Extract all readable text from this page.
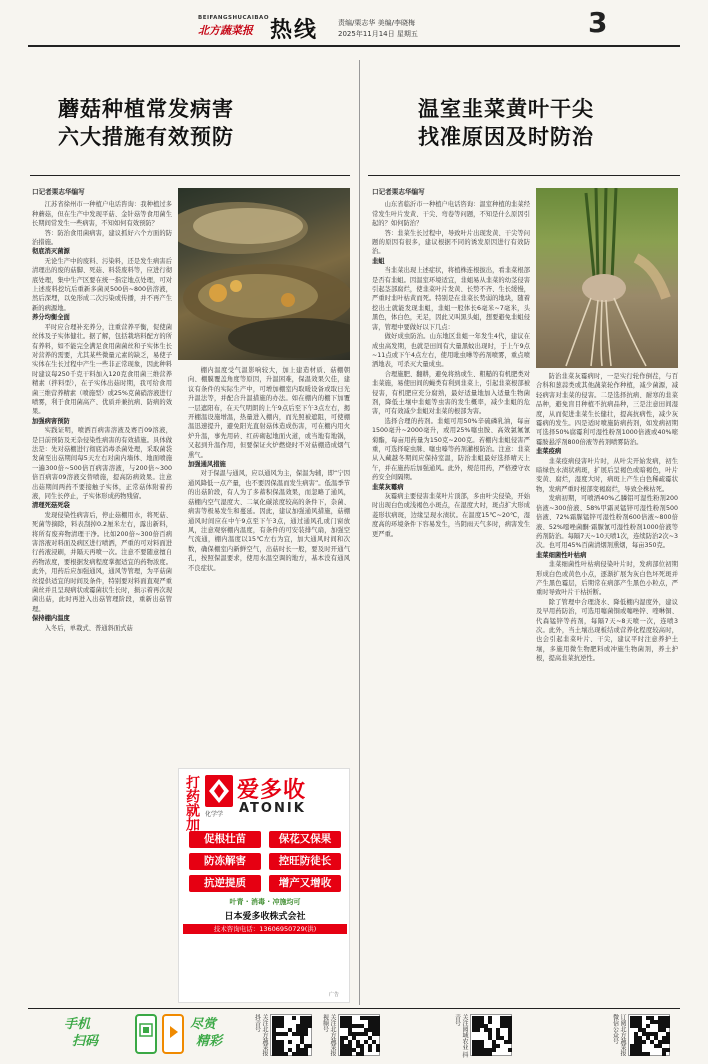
BEIFANGSHUCAIBAO
北方蔬菜报 热线	责编/栗志华 美编/李晓梅
2025年11月14日 星期五	3
蘑菇种植常发病害
六大措施有效预防
温室韭菜黄叶干尖
找准原因及时防治
口记者栗志华编写

江苏省徐州市一种植户电话咨询：我种植过多种蘑菇，但在生产中发现平菇、金针菇等食用菌生长期间常发生一些病害，不知如何有效预防？

答：防治食用菌病害，建议抓好六个方面的防治措施。

彻底消灭菌源

无论生产中的废料、污染料，还是发生病害后清理出的废的菇脚、死菇、料袋废料等，应进行彻底处理，集中生产区要在统一指定地点处理，可对上述废料挖坑后重新多菌灵500倍~800倍溶液，然后深埋，以免形成二次污染或传播，并不再产生新的病源地。

养分均衡全面

平时应合理补充养分，注重营养平衡，促使菌丝体及子实体健壮。据了解，包括栽培料配方的所有养料，如不能完全满足食用菌菌丝和子实体生长对营养的需要，尤其某些微量元素的缺乏，易使子实体在生长过程中产生一些非正常现象，因此种料时建议每250千克干料加入120克食用菌三维营养精素（拌料型），在子实体出菇时期，我可给食用菌三维营养精素（喷施型）或25%克菌硝溶液进行喷雾，利于食用菌高产、优质并兼抗病、防病的效果。

加强病害预防

实践证明，喷洒百病害溶液及赛百09溶液，是目前预防及无杂侵染性病害的有效措施。具体做法是：先对菇棚进行彻底消毒杀菌处理，采取菌袋发菌至出菇期间每5天左右对菌内墙体、地面喷施一遍300倍~500倍百病害溶液，与200倍~300倍百病害09溶液交替喷施，提高防病效果。注意出菇期间两药不要接触子实体，正常菇体附着药液，同生长停止，子实体形成药物残留。

清理死菇死袋

发现侵染性病害后，停止菇棚用水，将死菇、死菌等摘除，料表刮掉0.2厘米左右，露出新料，将所有废弃物清理干净。比如200倍~300倍百病害溶液对料面及病区进行喷洒，严重的可对料面进行药液浸刷，并隔天再喷一次。注意不要随意擅自药物浓度，要根据发病程度掌握适宜的药物浓度。此外，用药后应加强通风，通风等管理，为平菇菌丝提供适宜的时间及条件，特别要对料面直观严重菌丝并且呈现病状或霉菌状生长时，损示着再次现菌出菇，此时再进入出菇管理阶段，重新出菇管理。

保持棚内温度

入冬后，单栽式、普通斜面式菇

棚内温度受气温影响较大，加上建造材质、菇棚朝向、棚膜覆盖角度等原因，升温困难，保温效果欠佳，建议有条件的实际生产中，可增加棚室内取暖设备或取日光升温法等，并配合升温措施的办法。如在棚内的棚下加覆一层遮阳布，在天气明朗的上午9点后至下午3点左右，揭开棚温设施增温，热量进入棚内，而光照被遮阻，可使棚温迅速提升，避免阳光直射菇体造成伤害，可在棚内用火炉升温，事先用砖、红砖砌起地面火道，或当地有地锅，又起到升温作用，但要保证火炉燃烧时不对菇棚造成烟气熏气。

加强通风措施

对于保温与通风，应以通风为主，保温为辅，即“宁因通风降低一点产量，也不要因保温而发生病害”。低温季节的出菇阶段，有人为了多蓄积保温效果，而忽略了通风，菇棚内空气湿度大、二氧化碳浓度较高的条件下，杂菌、病害等极易发生和蔓延。因此，建议加强通风措施，菇棚通风时间应在中午9点至下午3点，通过通风孔或门窗放风，注意观察棚内温度，有条件的可安装排气扇，加强空气流通，棚内温度以15℃左右为宜，加大通风时间和次数，确保棚室内新鲜空气，出菇时长一般，要及时开通气孔，按照保温要求，使用水温空调的地方，基本没有通风不良症状。

打药就加 化学学
爱多收
ATONIK
促根壮苗	保花又保果
防冻解害	控旺防徒长
抗逆提质	增产又增收
叶青 · 消毒 · 冲施均可
日本爱多收株式会社
技术咨询电话：13606950729(洪)
广告
口记者栗志华编写

山东省临沂市一种植户电话咨询：温室种植的韭菜经常发生叶片发黄、干尖、弯卷等问题，不知是什么原因引起的？如何防治？

答：韭菜生长过程中，导致叶片出现发黄、干尖等问题的原因有很多，建议根据不同的诱发原因进行有效防治。

韭蛆

当韭菜出现上述症状，将植株连根拔出，看韭菜根部是否有韭蛆。因温室环境适宜，韭蛆易从韭菜的幼茎侵害引起茎部腐烂，使韭菜叶片发黄、长势不齐、生长缓慢，严重时韭叶枯黄而死。特别是在韭菜长势弱的地块，随着挖出土就能发现韭蛆，韭蛆一般体长6毫米~7毫米，头黑色，体白色，无足，因此又叫黑头蛆，想要避免韭蛆侵害，管理中要做好以下几点：

做好成虫防治。山东地区韭蛆一年发生4代，建议在成虫高发期，也就是田间有大量黑蚊出现时，于上午9点~11点或下午4点左右，使用吡虫啉等药剂喷雾，重点喷洒地表，可杀灭大量成虫。

合理施肥、翻耕，避免将熟或生、粗糙的有机肥类对韭菜施，易使田间的蝇类有利到韭菜上，引起韭菜根部被侵害，有机肥应充分腐熟，最好适量地加入适量生物菌剂，降低土壤中韭蛆等虫害的发生概率，减少韭蛆的危害，可有效减少韭蛆对韭菜的根部为害。

选择合理的药剂。韭蛆可用50%辛硫磷乳油，每亩1500毫升~2000毫升，或用25%噻虫胺、高效氯氟氰菊酯，每亩用药量为150克~200克。若棚内韭蛆侵害严重，可选择啶虫脒、噻虫嗪等药剂灌根防治。注意：韭菜从入藏越冬期间应保持室温，防治韭蛆最好选择晴天上午，并在施药后加强通风。此外，规范用药，严格遵守农药安全间隔期。

韭菜灰霉病

灰霉病主要侵害韭菜叶片顶部，多由叶尖侵染，开始时出现白色或浅褐色小斑点，在湿度大时，斑点扩大形成菱形状病斑，边缘呈现水渍状。在温度15℃~20℃，湿度高的环境条件下容易发生，当阴雨天气多时，病害发生更严重。

防治韭菜灰霉病时，一是实行轮作倒茬，与百合科和葱蒜类或其他蔬菜轮作种植，减少菌源，减轻病害对韭菜的侵害。二是选择抗病、耐寒的韭菜品种，避免盲目种植不抗病品种，三是注意田间湿度，从而促进韭菜生长健壮，提高抗病性，减少灰霉病的发生。四是适时喷施防病药剂，如发病初期可选择50%腐霉利可湿性粉剂1000倍液或40%嘧霉胺悬浮剂800倍液等药剂喷雾防治。

韭菜疫病

韭菜疫病侵害叶片时，从叶尖开始发病，初生暗绿色水渍状病斑，扩展后呈褐色或暗褐色，叶片变黄、腐烂，湿度大时，病斑上产生白色稀疏霉状物，发病严重时根部变褐腐烂，导致全株枯死。

发病初期，可喷洒40%乙膦铝可湿性粉剂200倍液~300倍液、58%甲霜灵锰锌可湿性粉剂500倍液、72%霜脲锰锌可湿性粉剂600倍液~800倍液、52%噁唑菌酮·霜脲氰可湿性粉剂1000倍液等药剂防治。每隔7天~10天喷1次，连续防治2次~3次。也可用45%百菌清烟剂熏烟，每亩350克。

韭菜细菌性叶枯病

韭菜细菌性叶枯病侵染叶片时，发病部位初期形成白色或黄色小点，逐渐扩展为灰白色坏死斑并产生黑色霉层，后期常在病部产生黑色小粒点，严重时导致叶片干枯折断。

除了管理中合理浇水、降低棚内湿度外，建议及早用药防治，可选用噻菌铜或噻唑锌、喹啉铜、代森锰锌等药剂，每隔7天~8天喷一次，连喷3次。此外，当土壤出现板结或营养化程度较高时，也会引起韭菜叶片、干尖，建议平时注意养护土壤，多施用微生物肥料或冲施生物菌剂，养土护根，提高韭菜抗逆性。

手机
扫码
尽赏
精彩	关注北方蔬菜报 抖音号	关注北方蔬菜报 视频号	关注园域农业 抖音号	订阅北方蔬菜报 微信公众号
